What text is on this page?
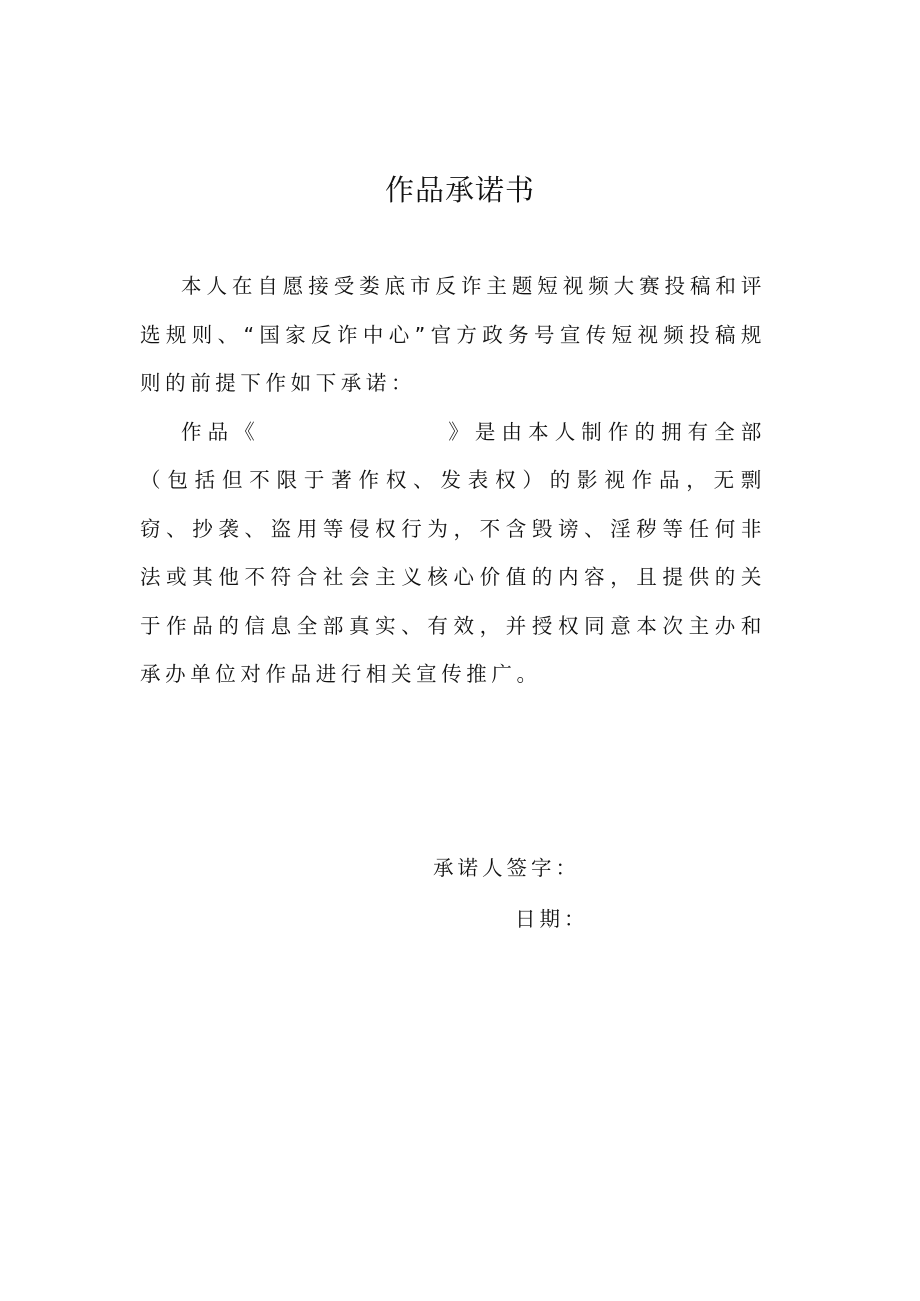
作品承诺书

本人在自愿接受娄底市反诈主题短视频大赛投稿和评选规则、“国家反诈中心”官方政务号宣传短视频投稿规则的前提下作如下承诺：

作品《	》是由本人制作的拥有全部（包括但不限于著作权、发表权）的影视作品，无剽窃、抄袭、盗用等侵权行为，不含毁谤、淫秽等任何非法或其他不符合社会主义核心价值的内容，且提供的关于作品的信息全部真实、有效，并授权同意本次主办和承办单位对作品进行相关宣传推广。

承诺人签字：
日期：
